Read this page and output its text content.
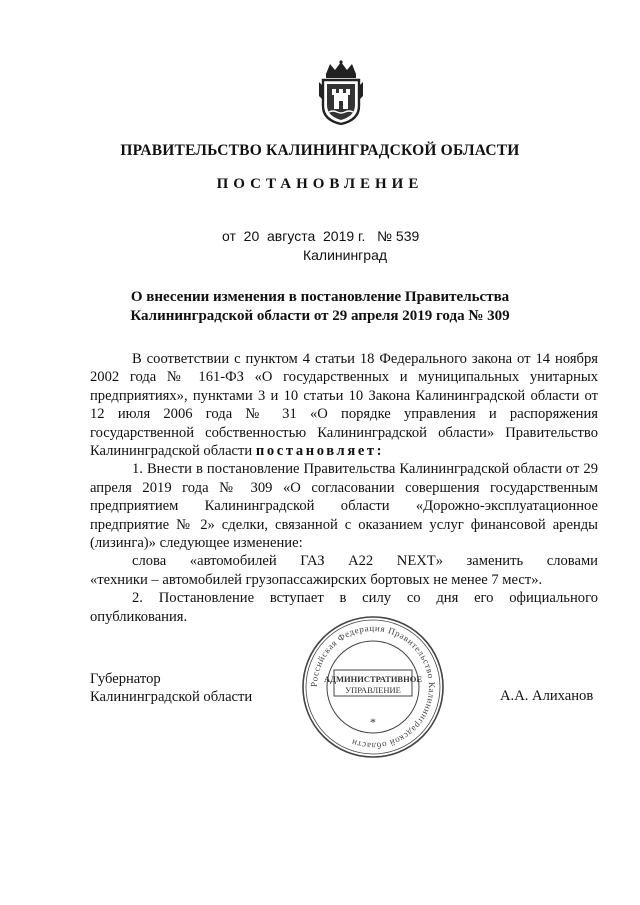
ПРАВИТЕЛЬСТВО КАЛИНИНГРАДСКОЙ ОБЛАСТИ
ПОСТАНОВЛЕНИЕ
от  20  августа  2019 г.   № 539
Калининград
О внесении изменения в постановление Правительства
Калининградской области от 29 апреля 2019 года № 309

В соответствии с пунктом 4 статьи 18 Федерального закона от 14 ноября 2002 года № 161-ФЗ «О государственных и муниципальных унитарных предприятиях», пунктами 3 и 10 статьи 10 Закона Калининградской области от 12 июля 2006 года № 31 «О порядке управления и распоряжения государственной собственностью Калининградской области» Правительство Калининградской области постановляет:

1. Внести в постановление Правительства Калининградской области от 29 апреля 2019 года № 309 «О согласовании совершения государственным предприятием Калининградской области «Дорожно-эксплуатационное предприятие № 2» сделки, связанной с оказанием услуг финансовой аренды (лизинга)» следующее изменение:

слова «автомобилей ГАЗ А22 NEXT» заменить словами

«техники – автомобилей грузопассажирских бортовых не менее 7 мест».

2. Постановление вступает в силу со дня его официального опубликования.

Губернатор
Калининградской области	А.А. Алиханов
Российская Федерация Правительство Калининградской области
АДМИНИСТРАТИВНОЕ
УПРАВЛЕНИЕ
*
